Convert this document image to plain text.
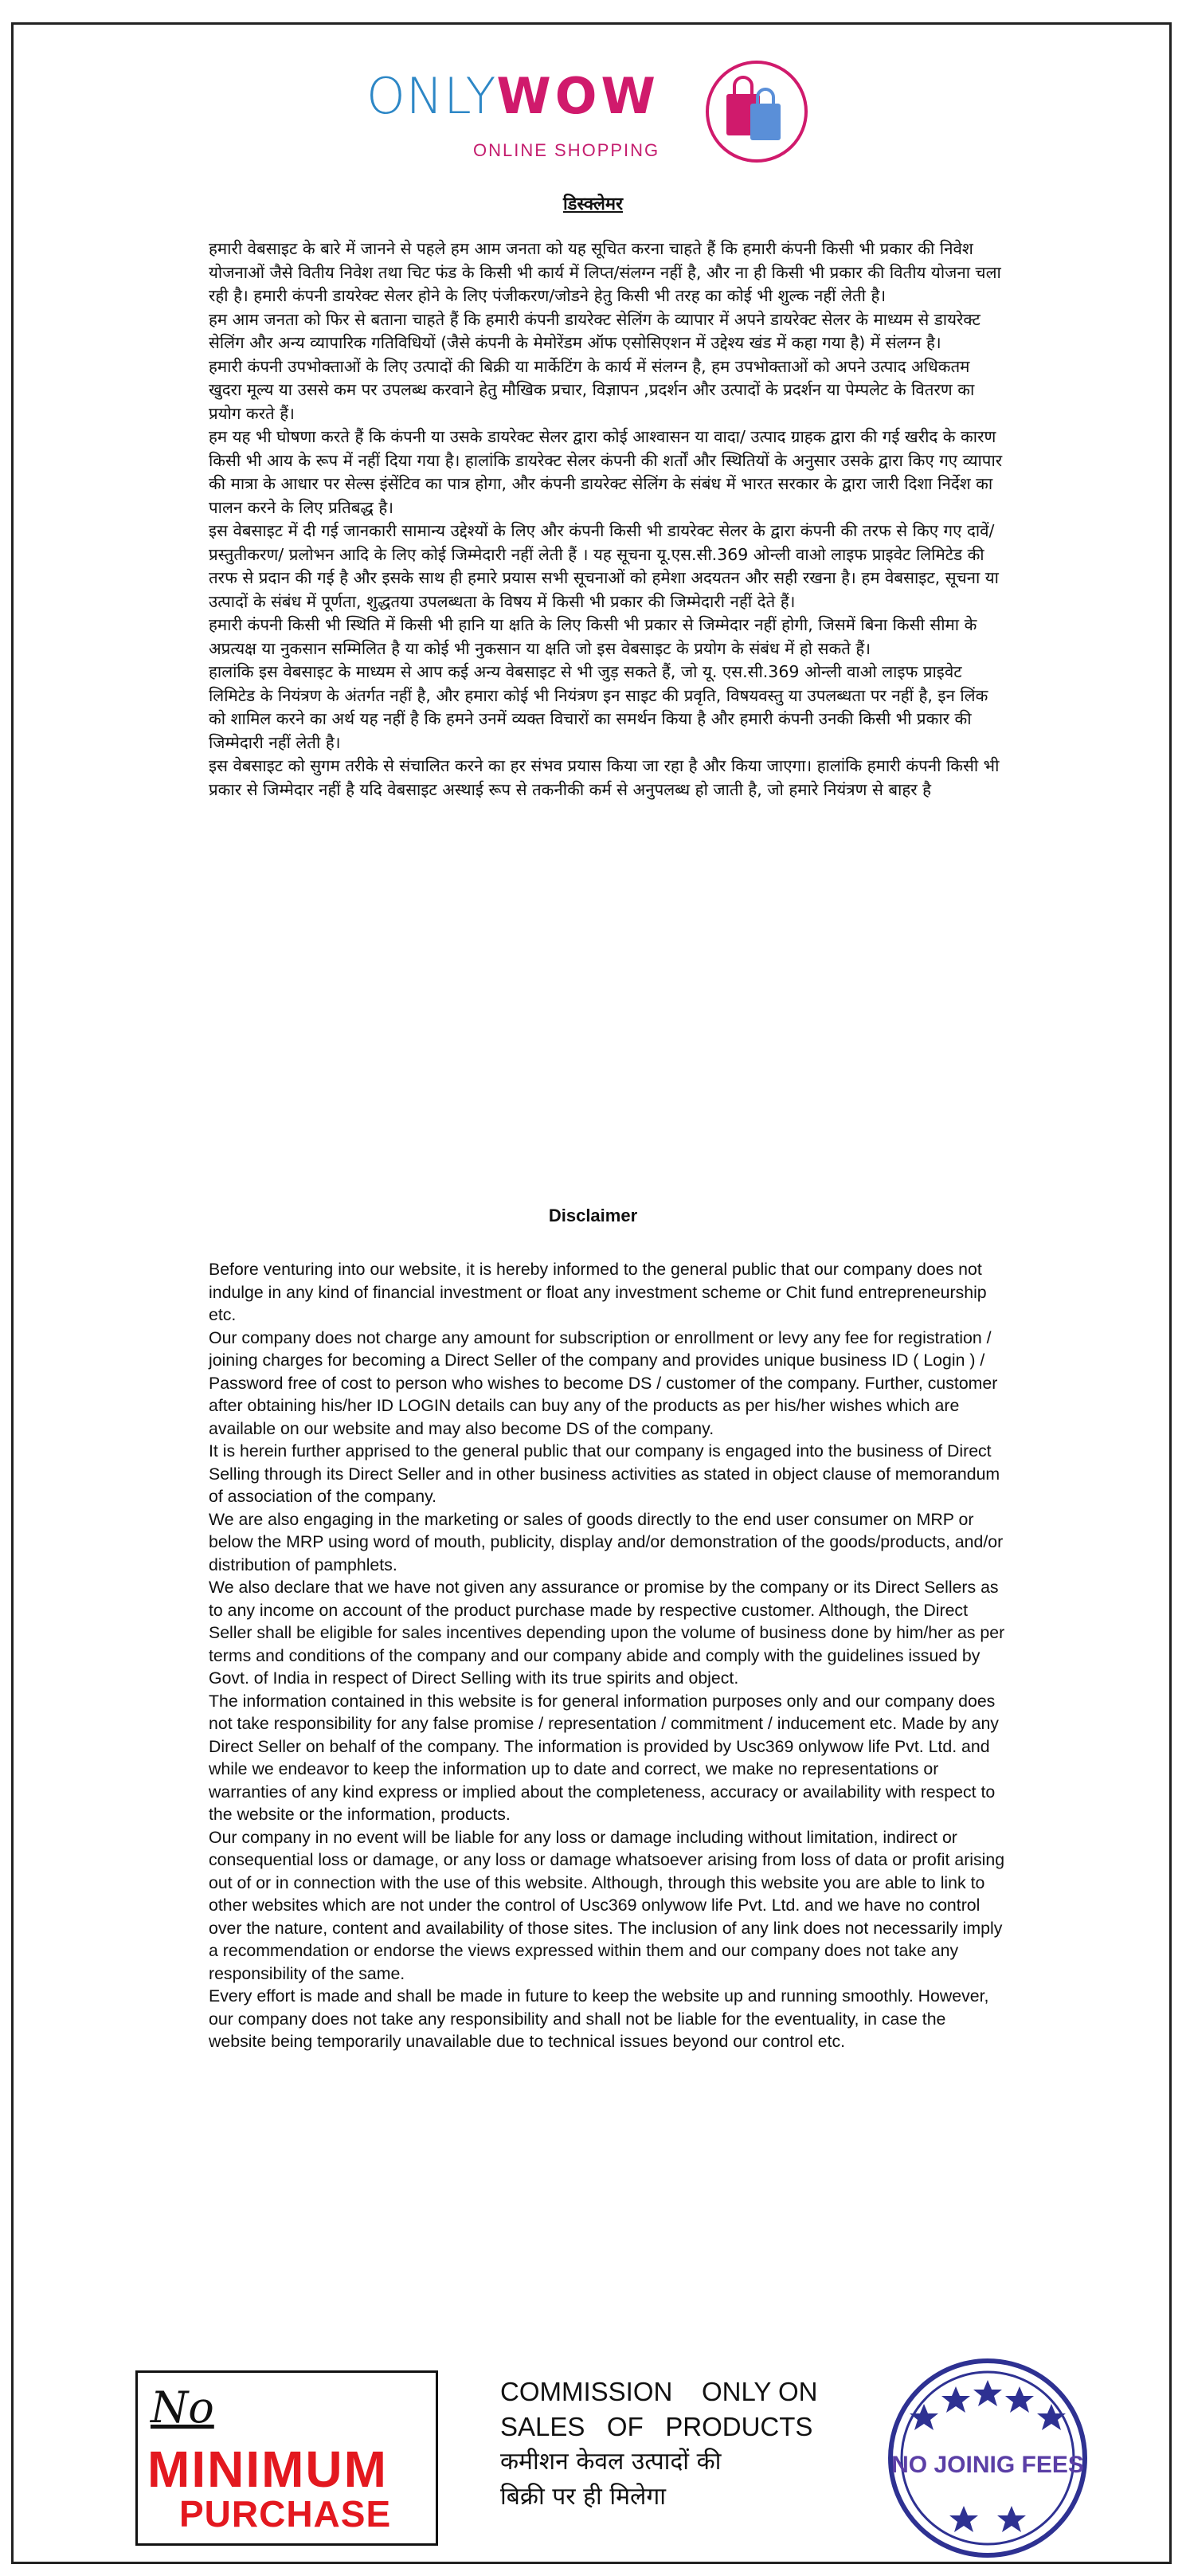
ONLYWOW
ONLINE SHOPPING
डिस्क्लेमर

हमारी वेबसाइट के बारे में जानने से पहले हम आम जनता को यह सूचित करना चाहते हैं कि हमारी कंपनी किसी भी प्रकार की निवेश योजनाओं जैसे वितीय निवेश तथा चिट फंड के किसी भी कार्य में लिप्त/संलग्न नहीं है, और ना ही किसी भी प्रकार की वितीय योजना चला रही है। हमारी कंपनी डायरेक्ट सेलर होने के लिए पंजीकरण/जोडने हेतु किसी भी तरह का कोई भी शुल्क नहीं लेती है।

हम आम जनता को फिर से बताना चाहते हैं कि हमारी कंपनी डायरेक्ट सेलिंग के व्यापार में अपने डायरेक्ट सेलर के माध्यम से डायरेक्ट सेलिंग और अन्य व्यापारिक गतिविधियों (जैसे कंपनी के मेमोरेंडम ऑफ एसोसिएशन में उद्देश्य खंड में कहा गया है) में संलग्न है।

हमारी कंपनी उपभोक्ताओं के लिए उत्पादों की बिक्री या मार्केटिंग के कार्य में संलग्न है, हम उपभोक्ताओं को अपने उत्पाद अधिकतम खुदरा मूल्य या उससे कम पर उपलब्ध करवाने हेतु मौखिक प्रचार, विज्ञापन ,प्रदर्शन और उत्पादों के प्रदर्शन या पेम्पलेट के वितरण का प्रयोग करते हैं।

हम यह भी घोषणा करते हैं कि कंपनी या उसके डायरेक्ट सेलर द्वारा कोई आश्वासन या वादा/ उत्पाद ग्राहक द्वारा की गई खरीद के कारण किसी भी आय के रूप में नहीं दिया गया है। हालांकि डायरेक्ट सेलर कंपनी की शर्तों और स्थितियों के अनुसार उसके द्वारा किए गए व्यापार की मात्रा के आधार पर सेल्स इंसेंटिव का पात्र होगा, और कंपनी डायरेक्ट सेलिंग के संबंध में भारत सरकार के द्वारा जारी दिशा निर्देश का पालन करने के लिए प्रतिबद्ध है।

इस वेबसाइट में दी गई जानकारी सामान्य उद्देश्यों के लिए और कंपनी किसी भी डायरेक्ट सेलर के द्वारा कंपनी की तरफ से किए गए दावें/ प्रस्तुतीकरण/ प्रलोभन आदि के लिए कोई जिम्मेदारी नहीं लेती हैं । यह सूचना यू.एस.सी.369 ओन्ली वाओ लाइफ प्राइवेट लिमिटेड की तरफ से प्रदान की गई है और इसके साथ ही हमारे प्रयास सभी सूचनाओं को हमेशा अदयतन और सही रखना है। हम वेबसाइट, सूचना या उत्पादों के संबंध में पूर्णता, शुद्धतया उपलब्धता के विषय में किसी भी प्रकार की जिम्मेदारी नहीं देते हैं।

हमारी कंपनी किसी भी स्थिति में किसी भी हानि या क्षति के लिए किसी भी प्रकार से जिम्मेदार नहीं होगी, जिसमें बिना किसी सीमा के अप्रत्यक्ष या नुकसान सम्मिलित है या कोई भी नुकसान या क्षति जो इस वेबसाइट के प्रयोग के संबंध में हो सकते हैं।

हालांकि इस वेबसाइट के माध्यम से आप कई अन्य वेबसाइट से भी जुड़ सकते हैं, जो यू. एस.सी.369 ओन्ली वाओ लाइफ प्राइवेट लिमिटेड के नियंत्रण के अंतर्गत नहीं है, और हमारा कोई भी नियंत्रण इन साइट की प्रवृति, विषयवस्तु या उपलब्धता पर नहीं है, इन लिंक को शामिल करने का अर्थ यह नहीं है कि हमने उनमें व्यक्त विचारों का समर्थन किया है और हमारी कंपनी उनकी किसी भी प्रकार की जिम्मेदारी नहीं लेती है।

इस वेबसाइट को सुगम तरीके से संचालित करने का हर संभव प्रयास किया जा रहा है और किया जाएगा। हालांकि हमारी कंपनी किसी भी प्रकार से जिम्मेदार नहीं है यदि वेबसाइट अस्थाई रूप से तकनीकी कर्म से अनुपलब्ध हो जाती है, जो हमारे नियंत्रण से बाहर है

Disclaimer

Before venturing into our website, it is hereby informed to the general public that our company does not indulge in any kind of financial investment or float any investment scheme or Chit fund entrepreneurship etc.

Our company does not charge any amount for subscription or enrollment or levy any fee for registration / joining charges for becoming a Direct Seller of the company and provides unique business ID ( Login ) / Password free of cost to person who wishes to become DS / customer of the company. Further, customer after obtaining his/her ID LOGIN details can buy any of the products as per his/her wishes which are available on our website and may also become DS of the company.

It is herein further apprised to the general public that our company is engaged into the business of Direct Selling through its Direct Seller and in other business activities as stated in object clause of memorandum of association of the company.

We are also engaging in the marketing or sales of goods directly to the end user consumer on MRP or below the MRP using word of mouth, publicity, display and/or demonstration of the goods/products, and/or distribution of pamphlets.

We also declare that we have not given any assurance or promise by the company or its Direct Sellers as to any income on account of the product purchase made by respective customer. Although, the Direct Seller shall be eligible for sales incentives depending upon the volume of business done by him/her as per terms and conditions of the company and our company abide and comply with the guidelines issued by Govt. of India in respect of Direct Selling with its true spirits and object.

The information contained in this website is for general information purposes only and our company does not take responsibility for any false promise / representation / commitment / inducement etc. Made by any Direct Seller on behalf of the company. The information is provided by Usc369 onlywow life Pvt. Ltd. and while we endeavor to keep the information up to date and correct, we make no representations or warranties of any kind express or implied about the completeness, accuracy or availability with respect to the website or the information, products.

Our company in no event will be liable for any loss or damage including without limitation, indirect or consequential loss or damage, or any loss or damage whatsoever arising from loss of data or profit arising out of or in connection with the use of this website. Although, through this website you are able to link to other websites which are not under the control of Usc369 onlywow life Pvt. Ltd. and we have no control over the nature, content and availability of those sites. The inclusion of any link does not necessarily imply a recommendation or endorse the views expressed within them and our company does not take any responsibility of the same.

Every effort is made and shall be made in future to keep the website up and running smoothly. However, our company does not take any responsibility and shall not be liable for the eventuality, in case the website being temporarily unavailable due to technical issues beyond our control etc.

No
MINIMUM
PURCHASE
COMMISSION    ONLY ON
SALES   OF   PRODUCTS
कमीशन केवल उत्पादों की
बिक्री पर ही मिलेगा
NO JOINIG FEES
